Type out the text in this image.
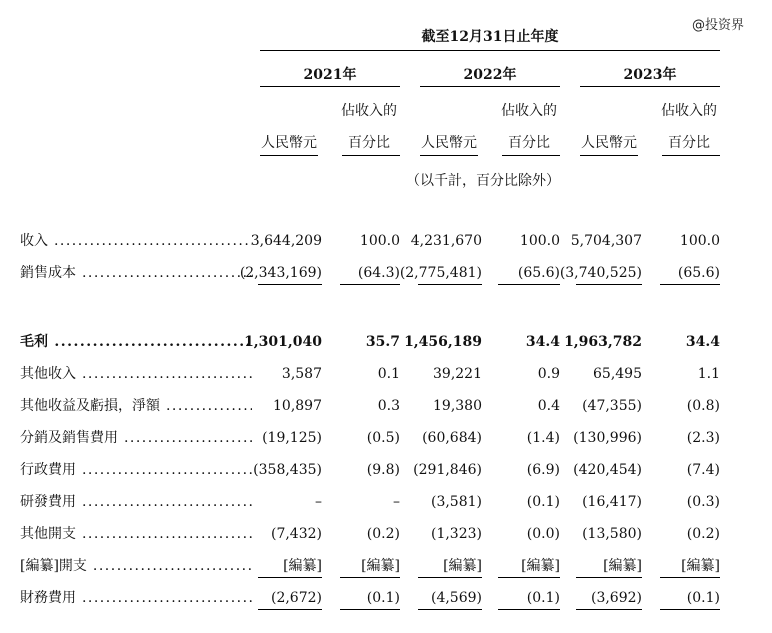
@投资界
截至12月31日止年度
2021年	2022年	2023年
佔收入的
人民幣元	百分比
佔收入的
人民幣元	百分比
佔收入的
人民幣元	百分比
（以千計，百分比除外）
收入 .....	3,644,209	100.0 4,231,670	100.0 5,704,307	100.0
銷售成本 .....	(2,343,169)	(64.3) (2,775,481)	(65.6) (3,740,525)	(65.6)
毛利 .....	1,301,040	35.7 1,456,189	34.4 1,963,782	34.4
其他收入 .....	3,587	0.1 39,221	0.9 65,495	1.1
其他收益及虧損，淨額 .....	10,897	0.3 19,380	0.4 (47,355)	(0.8)
分銷及銷售費用 .....	(19,125)	(0.5) (60,684)	(1.4) (130,996)	(2.3)
行政費用 .....	(358,435)	(9.8) (291,846)	(6.9) (420,454)	(7.4)
研發費用 .....	–	– (3,581)	(0.1) (16,417)	(0.3)
其他開支 .....	(7,432)	(0.2) (1,323)	(0.0) (13,580)	(0.2)
[編纂]開支 .....	[編纂]	[編纂]	[編纂]	[編纂]	[編纂]	[編纂]
財務費用 .....	(2,672)	(0.1) (4,569)	(0.1) (3,692)	(0.1)
